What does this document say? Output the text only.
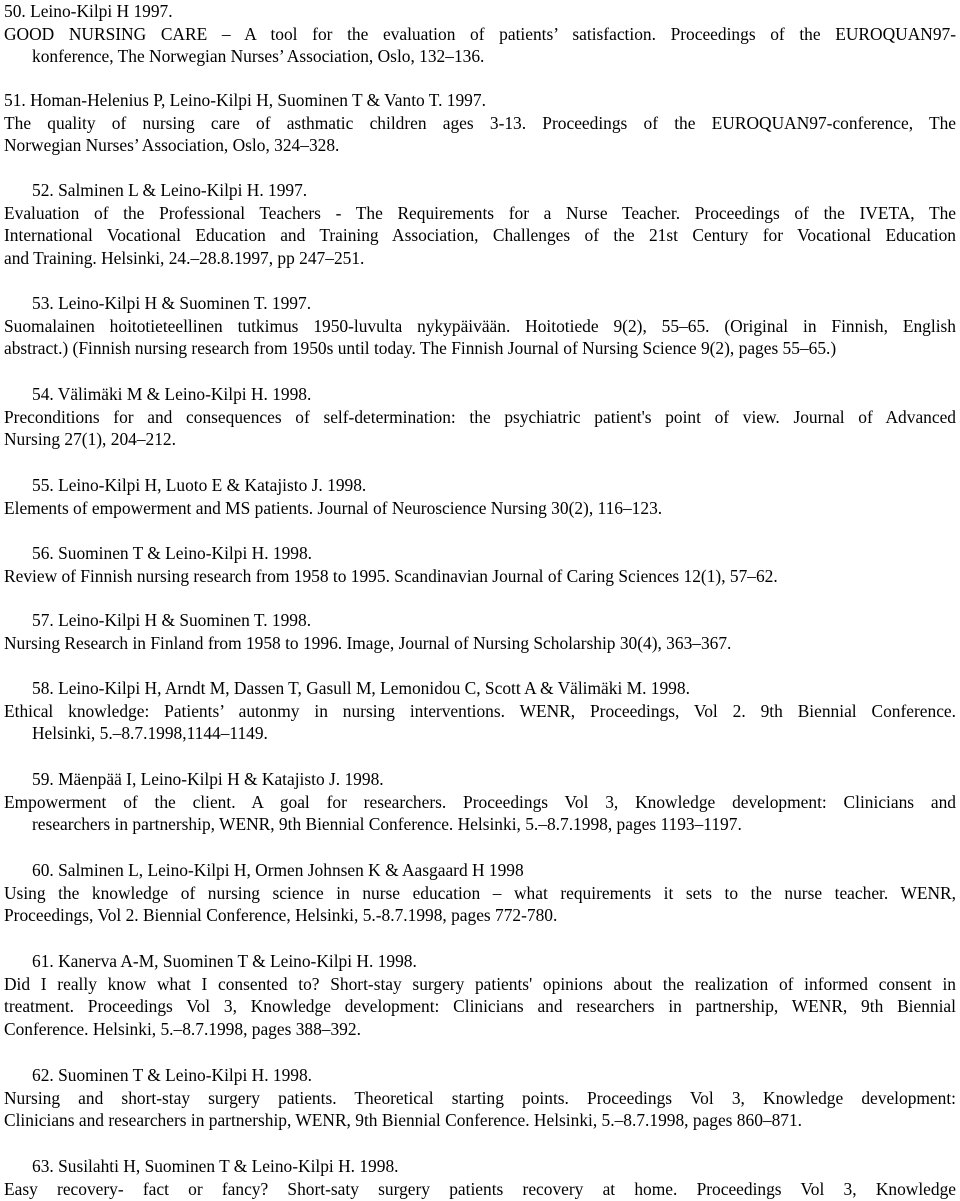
50. Leino-Kilpi H 1997.
GOOD NURSING CARE – A tool for the evaluation of patients’ satisfaction. Proceedings of the EUROQUAN97-
konference, The Norwegian Nurses’ Association, Oslo, 132–136.
51. Homan-Helenius P, Leino-Kilpi H, Suominen T & Vanto T. 1997.
The quality of nursing care of asthmatic children ages 3-13. Proceedings of the EUROQUAN97-conference, The
Norwegian Nurses’ Association, Oslo, 324–328.
52. Salminen L & Leino-Kilpi H. 1997.
Evaluation of the Professional Teachers - The Requirements for a Nurse Teacher. Proceedings of the IVETA, The
International Vocational Education and Training Association, Challenges of the 21st Century for Vocational Education
and Training. Helsinki, 24.–28.8.1997, pp 247–251.
53. Leino-Kilpi H & Suominen T. 1997.
Suomalainen hoitotieteellinen tutkimus 1950-luvulta nykypäivään. Hoitotiede 9(2), 55–65. (Original in Finnish, English
abstract.) (Finnish nursing research from 1950s until today. The Finnish Journal of Nursing Science 9(2), pages 55–65.)
54. Välimäki M & Leino-Kilpi H. 1998.
Preconditions for and consequences of self-determination: the psychiatric patient's point of view. Journal of Advanced
Nursing 27(1), 204–212.
55. Leino-Kilpi H, Luoto E & Katajisto J. 1998.
Elements of empowerment and MS patients. Journal of Neuroscience Nursing 30(2), 116–123.
56. Suominen T & Leino-Kilpi H. 1998.
Review of Finnish nursing research from 1958 to 1995. Scandinavian Journal of Caring Sciences 12(1), 57–62.
57. Leino-Kilpi H & Suominen T. 1998.
Nursing Research in Finland from 1958 to 1996. Image, Journal of Nursing Scholarship 30(4), 363–367.
58. Leino-Kilpi H, Arndt M, Dassen T, Gasull M, Lemonidou C, Scott A & Välimäki M. 1998.
Ethical knowledge: Patients’ autonmy in nursing interventions. WENR, Proceedings, Vol 2. 9th Biennial Conference.
Helsinki, 5.–8.7.1998,1144–1149.
59. Mäenpää I, Leino-Kilpi H & Katajisto J. 1998.
Empowerment of the client. A goal for researchers. Proceedings Vol 3, Knowledge development: Clinicians and
researchers in partnership, WENR, 9th Biennial Conference. Helsinki, 5.–8.7.1998, pages 1193–1197.
60. Salminen L, Leino-Kilpi H, Ormen Johnsen K & Aasgaard H 1998
Using the knowledge of nursing science in nurse education – what requirements it sets to the nurse teacher. WENR,
Proceedings, Vol 2. Biennial Conference, Helsinki, 5.-8.7.1998, pages 772-780.
61. Kanerva A-M, Suominen T & Leino-Kilpi H. 1998.
Did I really know what I consented to? Short-stay surgery patients' opinions about the realization of informed consent in
treatment. Proceedings Vol 3, Knowledge development: Clinicians and researchers in partnership, WENR, 9th Biennial
Conference. Helsinki, 5.–8.7.1998, pages 388–392.
62. Suominen T & Leino-Kilpi H. 1998.
Nursing and short-stay surgery patients. Theoretical starting points. Proceedings Vol 3, Knowledge development:
Clinicians and researchers in partnership, WENR, 9th Biennial Conference. Helsinki, 5.–8.7.1998, pages 860–871.
63. Susilahti H, Suominen T & Leino-Kilpi H. 1998.
Easy recovery- fact or fancy? Short-saty surgery patients recovery at home. Proceedings Vol 3, Knowledge
